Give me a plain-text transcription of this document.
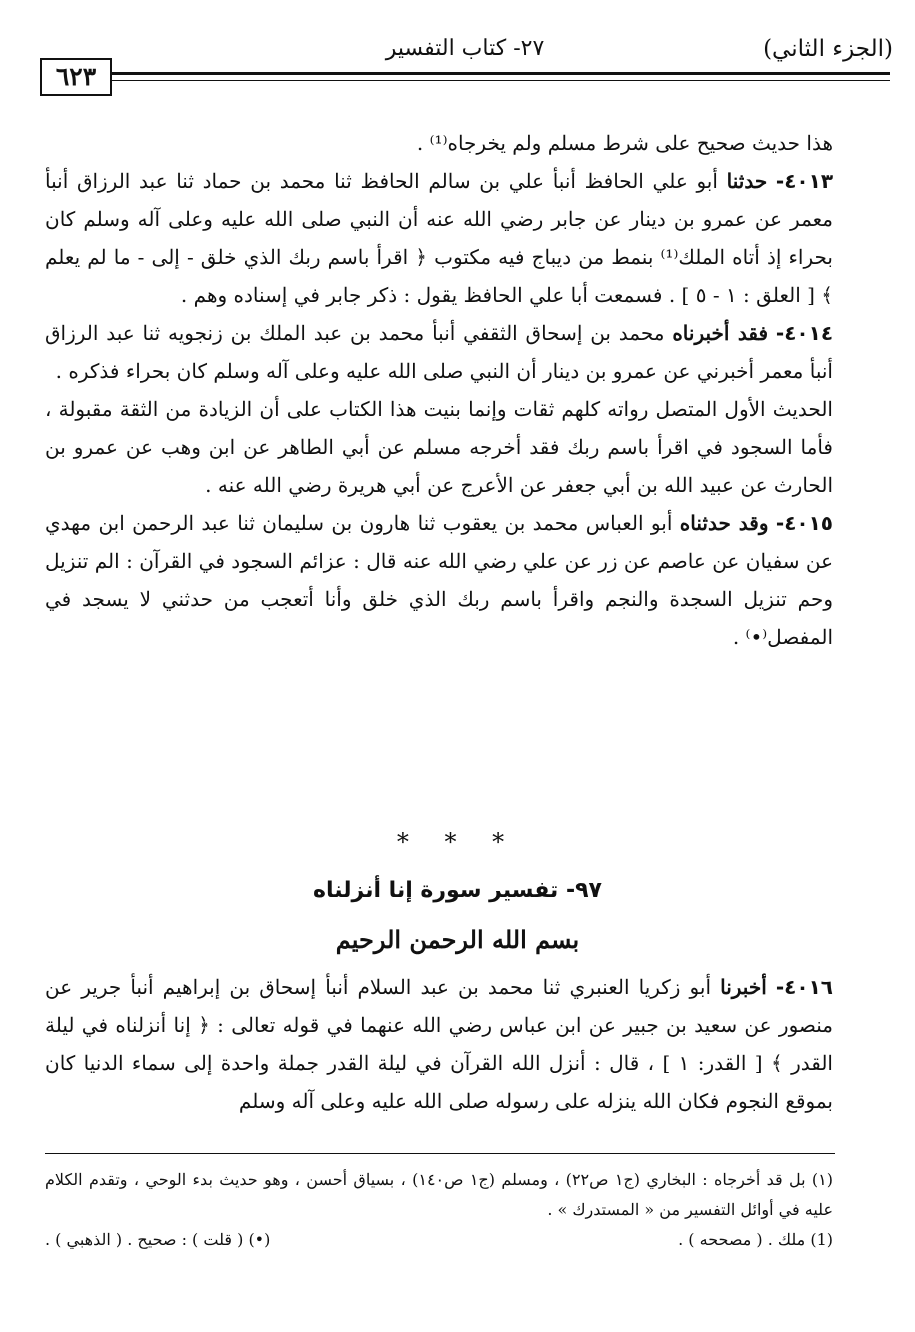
٦٢٣
٢٧- كتاب التفسير	(الجزء الثاني)

هذا حديث صحيح على شرط مسلم ولم يخرجاه⁽¹⁾ .

٤٠١٣- حدثنا أبو علي الحافظ أنبأ علي بن سالم الحافظ ثنا محمد بن حماد ثنا عبد الرزاق أنبأ معمر عن عمرو بن دينار عن جابر رضي الله عنه أن النبي صلى الله عليه وعلى آله وسلم كان بحراء إذ أتاه الملك⁽¹⁾ بنمط من ديباج فيه مكتوب ﴿ اقرأ باسم ربك الذي خلق - إلى - ما لم يعلم ﴾ [ العلق : ١ - ٥ ] . فسمعت أبا علي الحافظ يقول : ذكر جابر في إسناده وهم .

٤٠١٤- فقد أخبرناه محمد بن إسحاق الثقفي أنبأ محمد بن عبد الملك بن زنجويه ثنا عبد الرزاق أنبأ معمر أخبرني عن عمرو بن دينار أن النبي صلى الله عليه وعلى آله وسلم كان بحراء فذكره .

الحديث الأول المتصل رواته كلهم ثقات وإنما بنيت هذا الكتاب على أن الزيادة من الثقة مقبولة ، فأما السجود في اقرأ باسم ربك فقد أخرجه مسلم عن أبي الطاهر عن ابن وهب عن عمرو بن الحارث عن عبيد الله بن أبي جعفر عن الأعرج عن أبي هريرة رضي الله عنه .

٤٠١٥- وقد حدثناه أبو العباس محمد بن يعقوب ثنا هارون بن سليمان ثنا عبد الرحمن ابن مهدي عن سفيان عن عاصم عن زر عن علي رضي الله عنه قال : عزائم السجود في القرآن : الم تنزيل وحم تنزيل السجدة والنجم واقرأ باسم ربك الذي خلق وأنا أتعجب من حدثني لا يسجد في المفصل⁽•⁾ .

* * *
٩٧- تفسير سورة إنا أنزلناه
بسم الله الرحمن الرحيم

٤٠١٦- أخبرنا أبو زكريا العنبري ثنا محمد بن عبد السلام أنبأ إسحاق بن إبراهيم أنبأ جرير عن منصور عن سعيد بن جبير عن ابن عباس رضي الله عنهما في قوله تعالى : ﴿ إنا أنزلناه في ليلة القدر ﴾ [ القدر: ١ ] ، قال : أنزل الله القرآن في ليلة القدر جملة واحدة إلى سماء الدنيا كان بموقع النجوم فكان الله ينزله على رسوله صلى الله عليه وعلى آله وسلم

(١) بل قد أخرجاه : البخاري (ج١ ص٢٢) ، ومسلم (ج١ ص١٤٠) ، بسياق أحسن ، وهو حديث بدء الوحي ، وتقدم الكلام عليه في أوائل التفسير من « المستدرك » .

(1) ملك . ( مصححه ) .
(•) ( قلت ) : صحيح . ( الذهبي ) .
